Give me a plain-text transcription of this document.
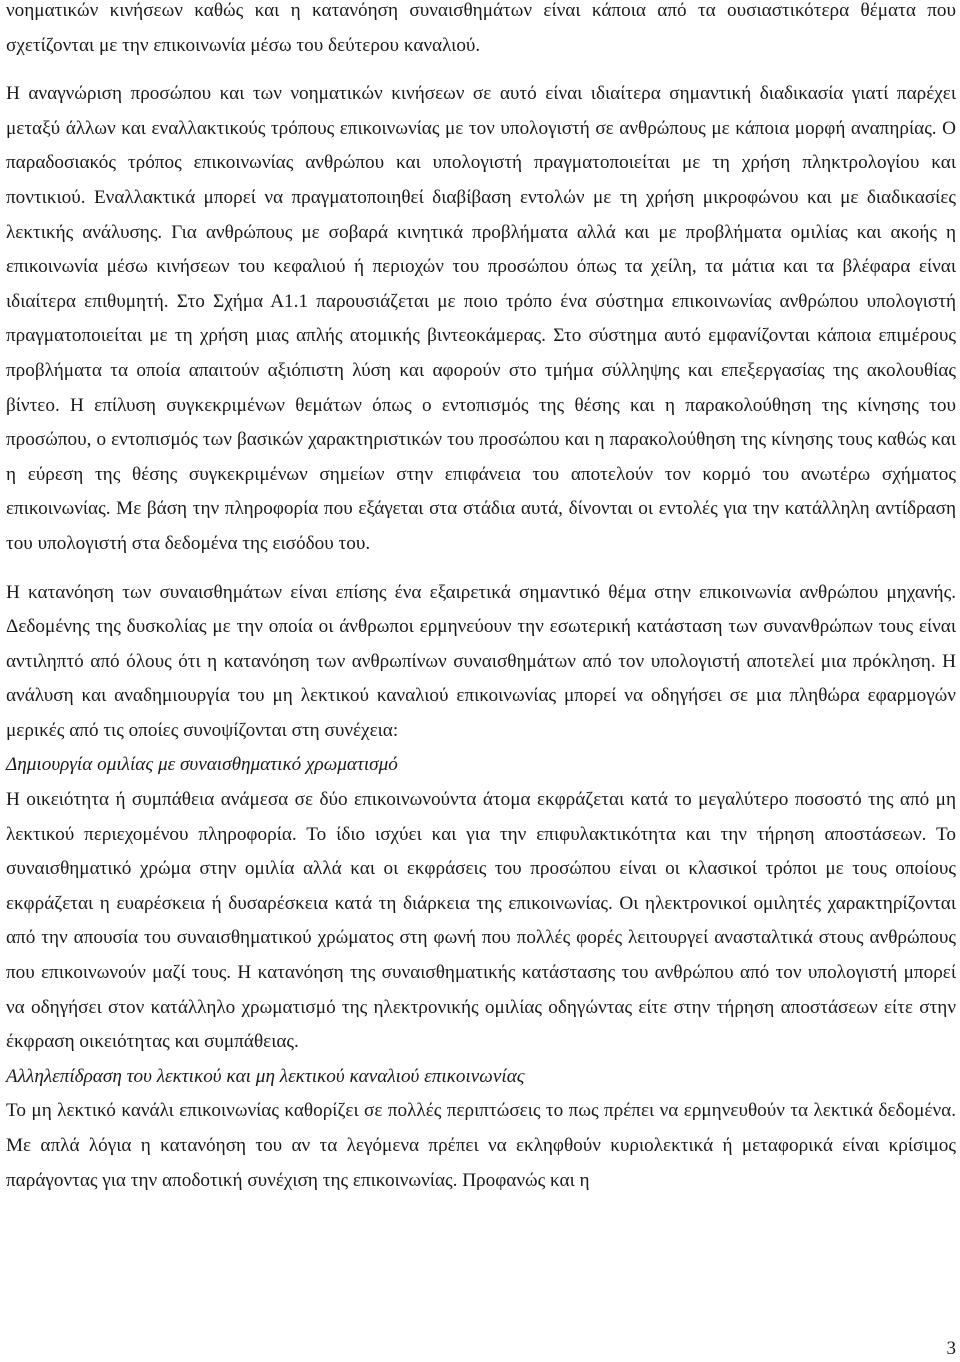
νοηματικών κινήσεων καθώς και η κατανόηση συναισθημάτων είναι κάποια από τα ουσιαστικότερα θέματα που σχετίζονται με την επικοινωνία μέσω του δεύτερου καναλιού.

Η αναγνώριση προσώπου και των νοηματικών κινήσεων σε αυτό είναι ιδιαίτερα σημαντική διαδικασία γιατί παρέχει μεταξύ άλλων και εναλλακτικούς τρόπους επικοινωνίας με τον υπολογιστή σε ανθρώπους με κάποια μορφή αναπηρίας. Ο παραδοσιακός τρόπος επικοινωνίας ανθρώπου και υπολογιστή πραγματοποιείται με τη χρήση πληκτρολογίου και ποντικιού. Εναλλακτικά μπορεί να πραγματοποιηθεί διαβίβαση εντολών με τη χρήση μικροφώνου και με διαδικασίες λεκτικής ανάλυσης. Για ανθρώπους με σοβαρά κινητικά προβλήματα αλλά και με προβλήματα ομιλίας και ακοής η επικοινωνία μέσω κινήσεων του κεφαλιού ή περιοχών του προσώπου όπως τα χείλη, τα μάτια και τα βλέφαρα είναι ιδιαίτερα επιθυμητή. Στο Σχήμα Α1.1 παρουσιάζεται με ποιο τρόπο ένα σύστημα επικοινωνίας ανθρώπου υπολογιστή πραγματοποιείται με τη χρήση μιας απλής ατομικής βιντεοκάμερας. Στο σύστημα αυτό εμφανίζονται κάποια επιμέρους προβλήματα τα οποία απαιτούν αξιόπιστη λύση και αφορούν στο τμήμα σύλληψης και επεξεργασίας της ακολουθίας βίντεο. Η επίλυση συγκεκριμένων θεμάτων όπως ο εντοπισμός της θέσης και η παρακολούθηση της κίνησης του προσώπου, ο εντοπισμός των βασικών χαρακτηριστικών του προσώπου και η παρακολούθηση της κίνησης τους καθώς και η εύρεση της θέσης συγκεκριμένων σημείων στην επιφάνεια του αποτελούν τον κορμό του ανωτέρω σχήματος επικοινωνίας. Με βάση την πληροφορία που εξάγεται στα στάδια αυτά, δίνονται οι εντολές για την κατάλληλη αντίδραση του υπολογιστή στα δεδομένα της εισόδου του.

Η κατανόηση των συναισθημάτων είναι επίσης ένα εξαιρετικά σημαντικό θέμα στην επικοινωνία ανθρώπου μηχανής. Δεδομένης της δυσκολίας με την οποία οι άνθρωποι ερμηνεύουν την εσωτερική κατάσταση των συνανθρώπων τους είναι αντιληπτό από όλους ότι η κατανόηση των ανθρωπίνων συναισθημάτων από τον υπολογιστή αποτελεί μια πρόκληση. Η ανάλυση και αναδημιουργία του μη λεκτικού καναλιού επικοινωνίας μπορεί να οδηγήσει σε μια πληθώρα εφαρμογών μερικές από τις οποίες συνοψίζονται στη συνέχεια:

Δημιουργία ομιλίας με συναισθηματικό χρωματισμό

Η οικειότητα ή συμπάθεια ανάμεσα σε δύο επικοινωνούντα άτομα εκφράζεται κατά το μεγαλύτερο ποσοστό της από μη λεκτικού περιεχομένου πληροφορία. Το ίδιο ισχύει και για την επιφυλακτικότητα και την τήρηση αποστάσεων. Το συναισθηματικό χρώμα στην ομιλία αλλά και οι εκφράσεις του προσώπου είναι οι κλασικοί τρόποι με τους οποίους εκφράζεται η ευαρέσκεια ή δυσαρέσκεια κατά τη διάρκεια της επικοινωνίας. Οι ηλεκτρονικοί ομιλητές χαρακτηρίζονται από την απουσία του συναισθηματικού χρώματος στη φωνή που πολλές φορές λειτουργεί ανασταλτικά στους ανθρώπους που επικοινωνούν μαζί τους. Η κατανόηση της συναισθηματικής κατάστασης του ανθρώπου από τον υπολογιστή μπορεί να οδηγήσει στον κατάλληλο χρωματισμό της ηλεκτρονικής ομιλίας οδηγώντας είτε στην τήρηση αποστάσεων είτε στην έκφραση οικειότητας και συμπάθειας.

Αλληλεπίδραση του λεκτικού και μη λεκτικού καναλιού επικοινωνίας

Το μη λεκτικό κανάλι επικοινωνίας καθορίζει σε πολλές περιπτώσεις το πως πρέπει να ερμηνευθούν τα λεκτικά δεδομένα. Με απλά λόγια η κατανόηση του αν τα λεγόμενα πρέπει να εκληφθούν κυριολεκτικά ή μεταφορικά είναι κρίσιμος παράγοντας για την αποδοτική συνέχιση της επικοινωνίας. Προφανώς και η

3
